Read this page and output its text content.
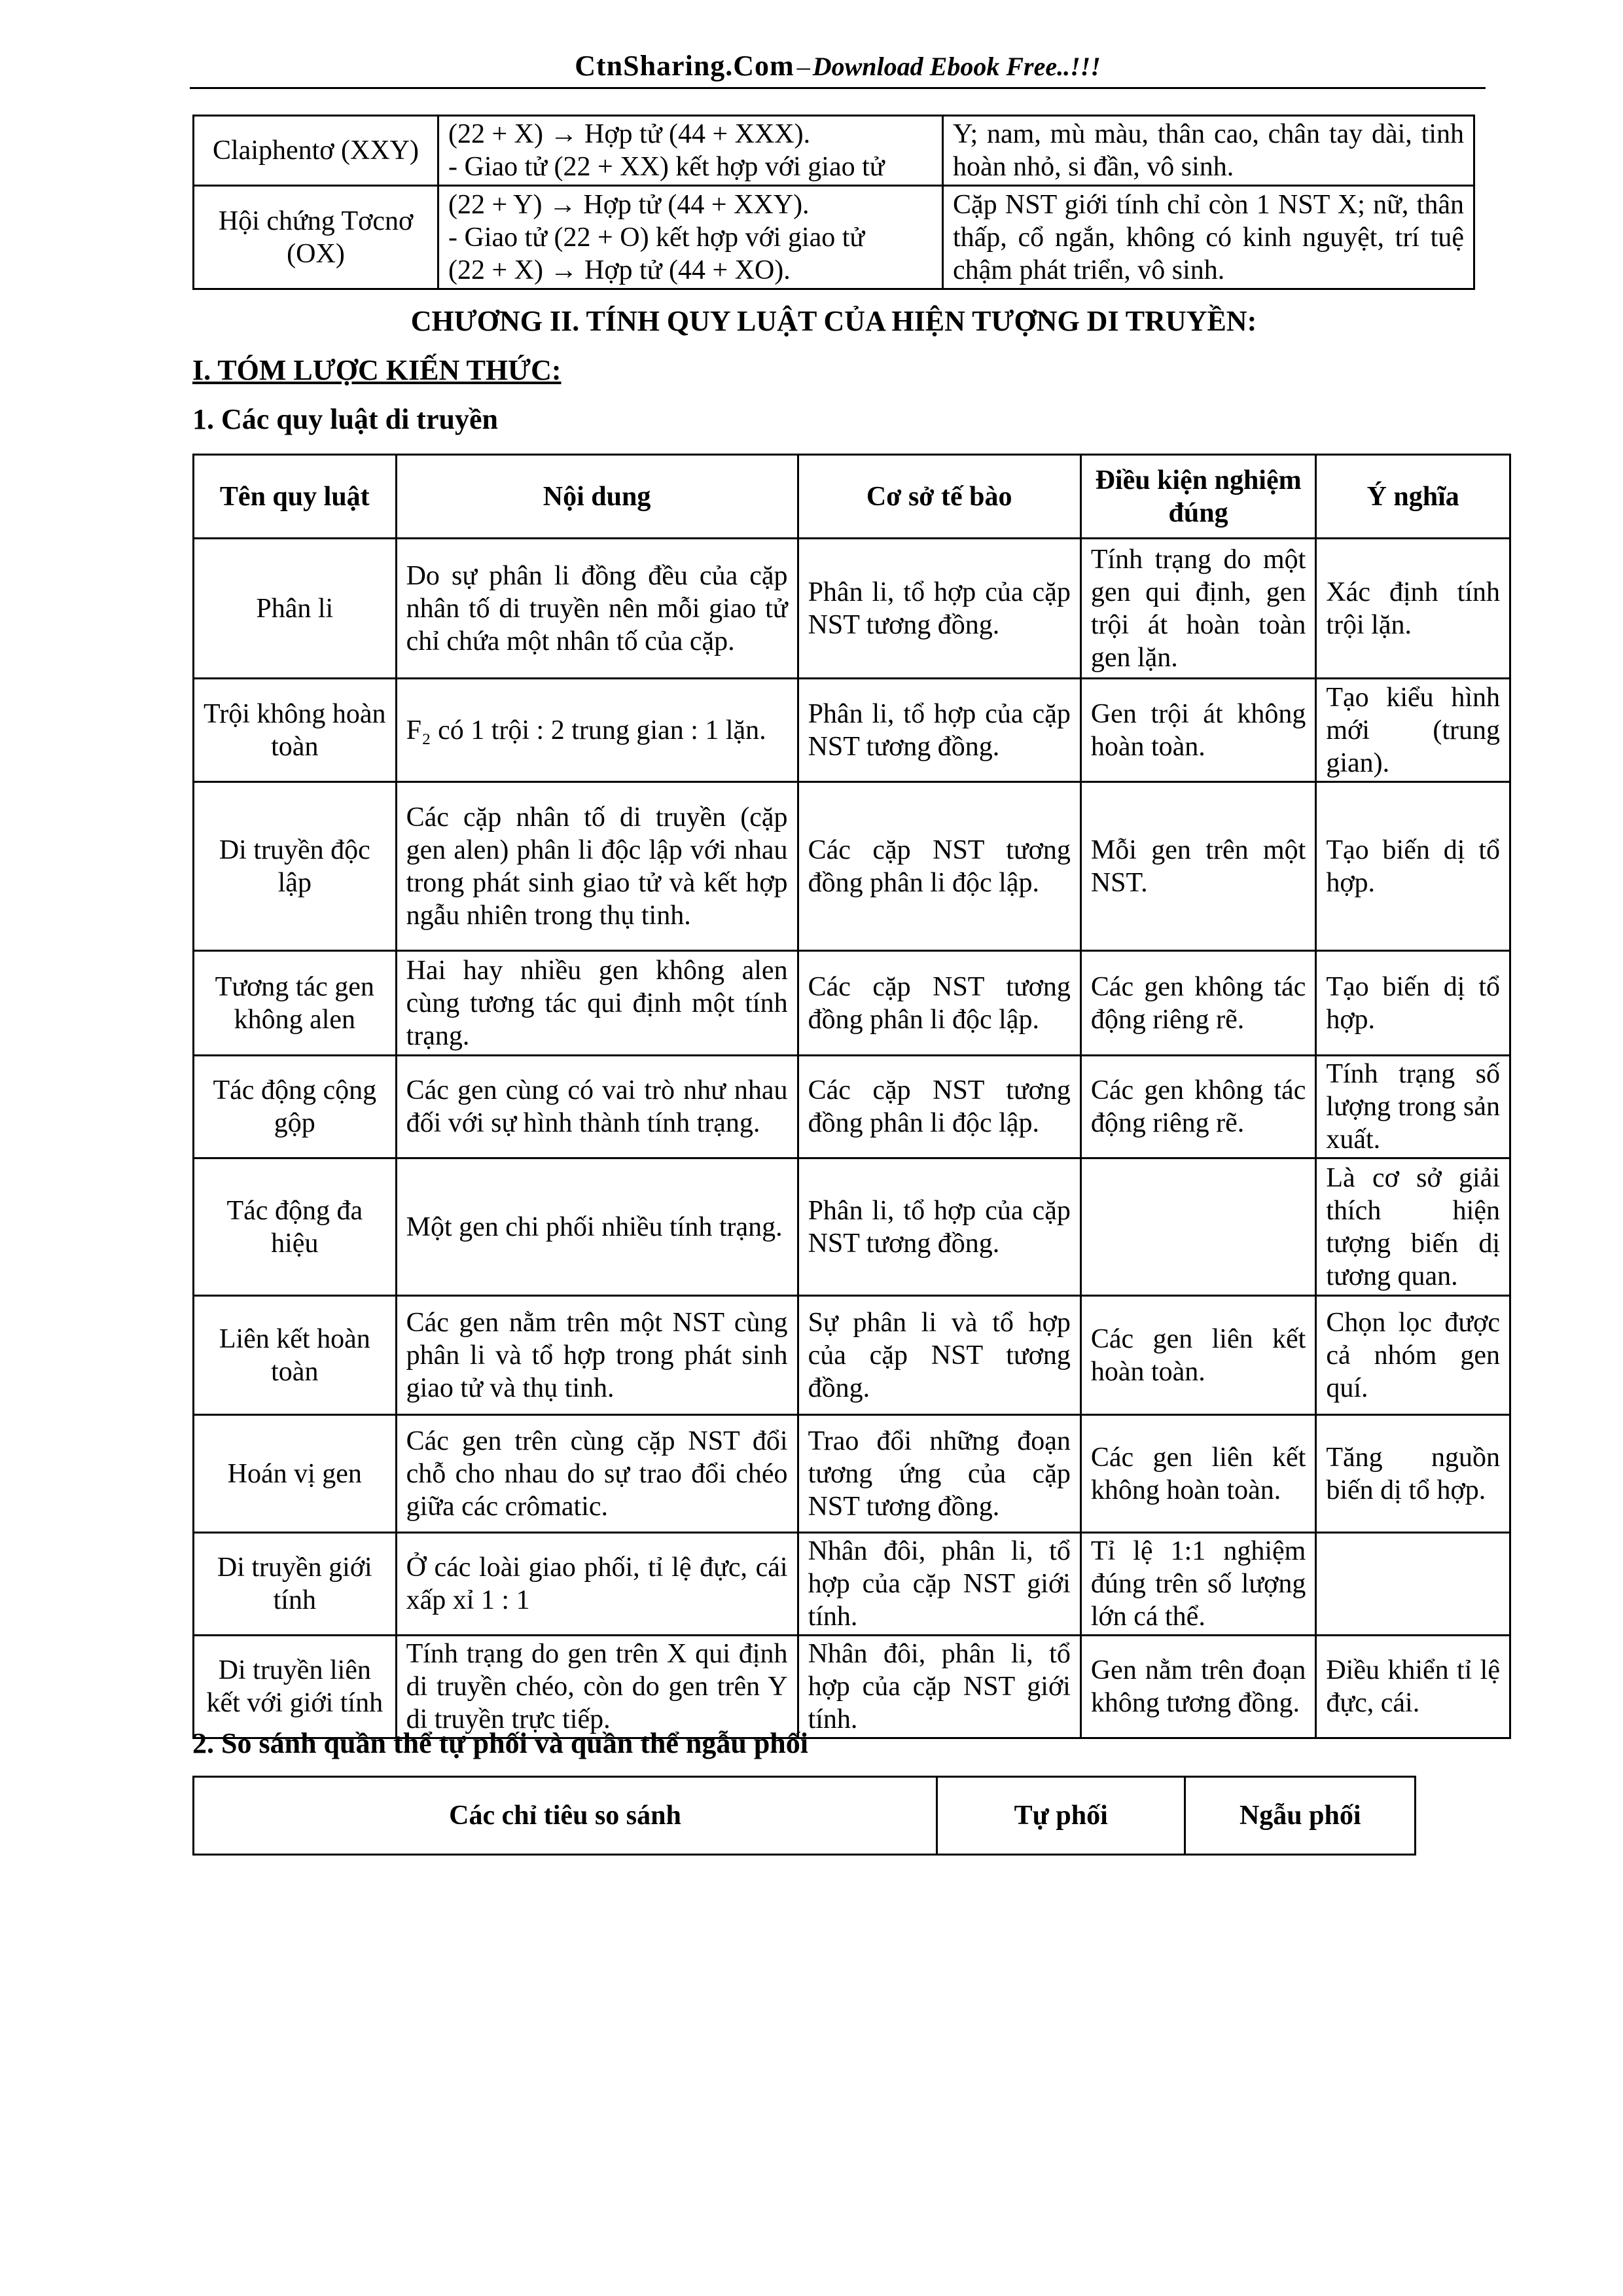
CtnSharing.Com – Download Ebook Free..!!!
Claiphentơ (XXY)	(22 + X) → Hợp tử (44 + XXX).
- Giao tử (22 + XX) kết hợp với giao tử	Y; nam, mù màu, thân cao, chân tay dài, tinh hoàn nhỏ, si đần, vô sinh.
Hội chứng Tơcnơ (OX)	(22 + Y) → Hợp tử (44 + XXY).
- Giao tử (22 + O) kết hợp với giao tử
(22 + X) → Hợp tử (44 + XO).	Cặp NST giới tính chỉ còn 1 NST X; nữ, thân thấp, cổ ngắn, không có kinh nguyệt, trí tuệ chậm phát triển, vô sinh.
CHƯƠNG II. TÍNH QUY LUẬT CỦA HIỆN TƯỢNG DI TRUYỀN:
I. TÓM LƯỢC KIẾN THỨC:
1. Các quy luật di truyền
Tên quy luật	Nội dung	Cơ sở tế bào	Điều kiện nghiệm đúng	Ý nghĩa
Phân li	Do sự phân li đồng đều của cặp nhân tố di truyền nên mỗi giao tử chỉ chứa một nhân tố của cặp.	Phân li, tổ hợp của cặp NST tương đồng.	Tính trạng do một gen qui định, gen trội át hoàn toàn gen lặn.	Xác định tính trội lặn.
Trội không hoàn toàn	F₂ có 1 trội : 2 trung gian : 1 lặn.	Phân li, tổ hợp của cặp NST tương đồng.	Gen trội át không hoàn toàn.	Tạo kiểu hình mới (trung gian).
Di truyền độc lập	Các cặp nhân tố di truyền (cặp gen alen) phân li độc lập với nhau trong phát sinh giao tử và kết hợp ngẫu nhiên trong thụ tinh.	Các cặp NST tương đồng phân li độc lập.	Mỗi gen trên một NST.	Tạo biến dị tổ hợp.
Tương tác gen không alen	Hai hay nhiều gen không alen cùng tương tác qui định một tính trạng.	Các cặp NST tương đồng phân li độc lập.	Các gen không tác động riêng rẽ.	Tạo biến dị tổ hợp.
Tác động cộng gộp	Các gen cùng có vai trò như nhau đối với sự hình thành tính trạng.	Các cặp NST tương đồng phân li độc lập.	Các gen không tác động riêng rẽ.	Tính trạng số lượng trong sản xuất.
Tác động đa hiệu	Một gen chi phối nhiều tính trạng.	Phân li, tổ hợp của cặp NST tương đồng.		Là cơ sở giải thích hiện tượng biến dị tương quan.
Liên kết hoàn toàn	Các gen nằm trên một NST cùng phân li và tổ hợp trong phát sinh giao tử và thụ tinh.	Sự phân li và tổ hợp của cặp NST tương đồng.	Các gen liên kết hoàn toàn.	Chọn lọc được cả nhóm gen quí.
Hoán vị gen	Các gen trên cùng cặp NST đổi chỗ cho nhau do sự trao đổi chéo giữa các crômatic.	Trao đổi những đoạn tương ứng của cặp NST tương đồng.	Các gen liên kết không hoàn toàn.	Tăng nguồn biến dị tổ hợp.
Di truyền giới tính	Ở các loài giao phối, tỉ lệ đực, cái xấp xỉ 1 : 1	Nhân đôi, phân li, tổ hợp của cặp NST giới tính.	Tỉ lệ 1:1 nghiệm đúng trên số lượng lớn cá thể.	
Di truyền liên kết với giới tính	Tính trạng do gen trên X qui định di truyền chéo, còn do gen trên Y di truyền trực tiếp.	Nhân đôi, phân li, tổ hợp của cặp NST giới tính.	Gen nằm trên đoạn không tương đồng.	Điều khiển tỉ lệ đực, cái.
2. So sánh quần thể tự phối và quần thể ngẫu phối
Các chỉ tiêu so sánh	Tự phối	Ngẫu phối
